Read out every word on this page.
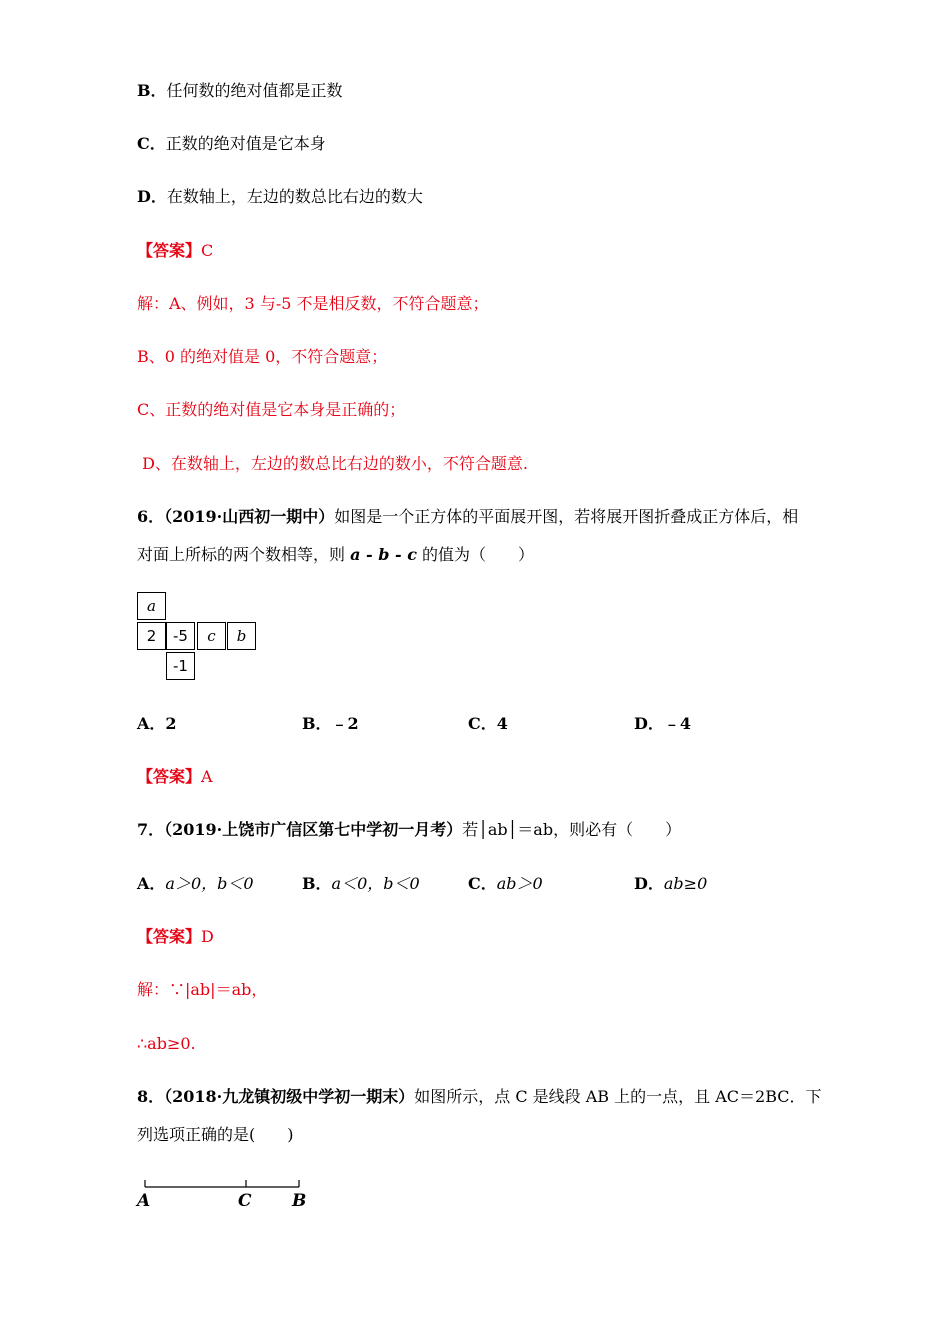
B．任何数的绝对值都是正数
C．正数的绝对值是它本身
D．在数轴上，左边的数总比右边的数大
【答案】C
解：A、例如，3 与-5 不是相反数，不符合题意；
B、0 的绝对值是 0，不符合题意；
C、正数的绝对值是它本身是正确的；
D、在数轴上，左边的数总比右边的数小，不符合题意.
6．（2019·山西初一期中）如图是一个正方体的平面展开图，若将展开图折叠成正方体后，相
对面上所标的两个数相等，则 a - b - c 的值为（　　）
a
2	-5	c	b
-1
A．2	B．﹣2	C．4	D．﹣4
【答案】A
7．（2019·上饶市广信区第七中学初一月考）若│ab│＝ab，则必有（　　）
A．a＞0，b＜0	B．a＜0，b＜0	C．ab＞0	D．ab≥0
【答案】D
解：∵|ab|＝ab，
∴ab≥0.
8．（2018·九龙镇初级中学初一期末）如图所示，点 C 是线段 AB 上的一点，且 AC＝2BC．下
列选项正确的是(　　)
A	C B
